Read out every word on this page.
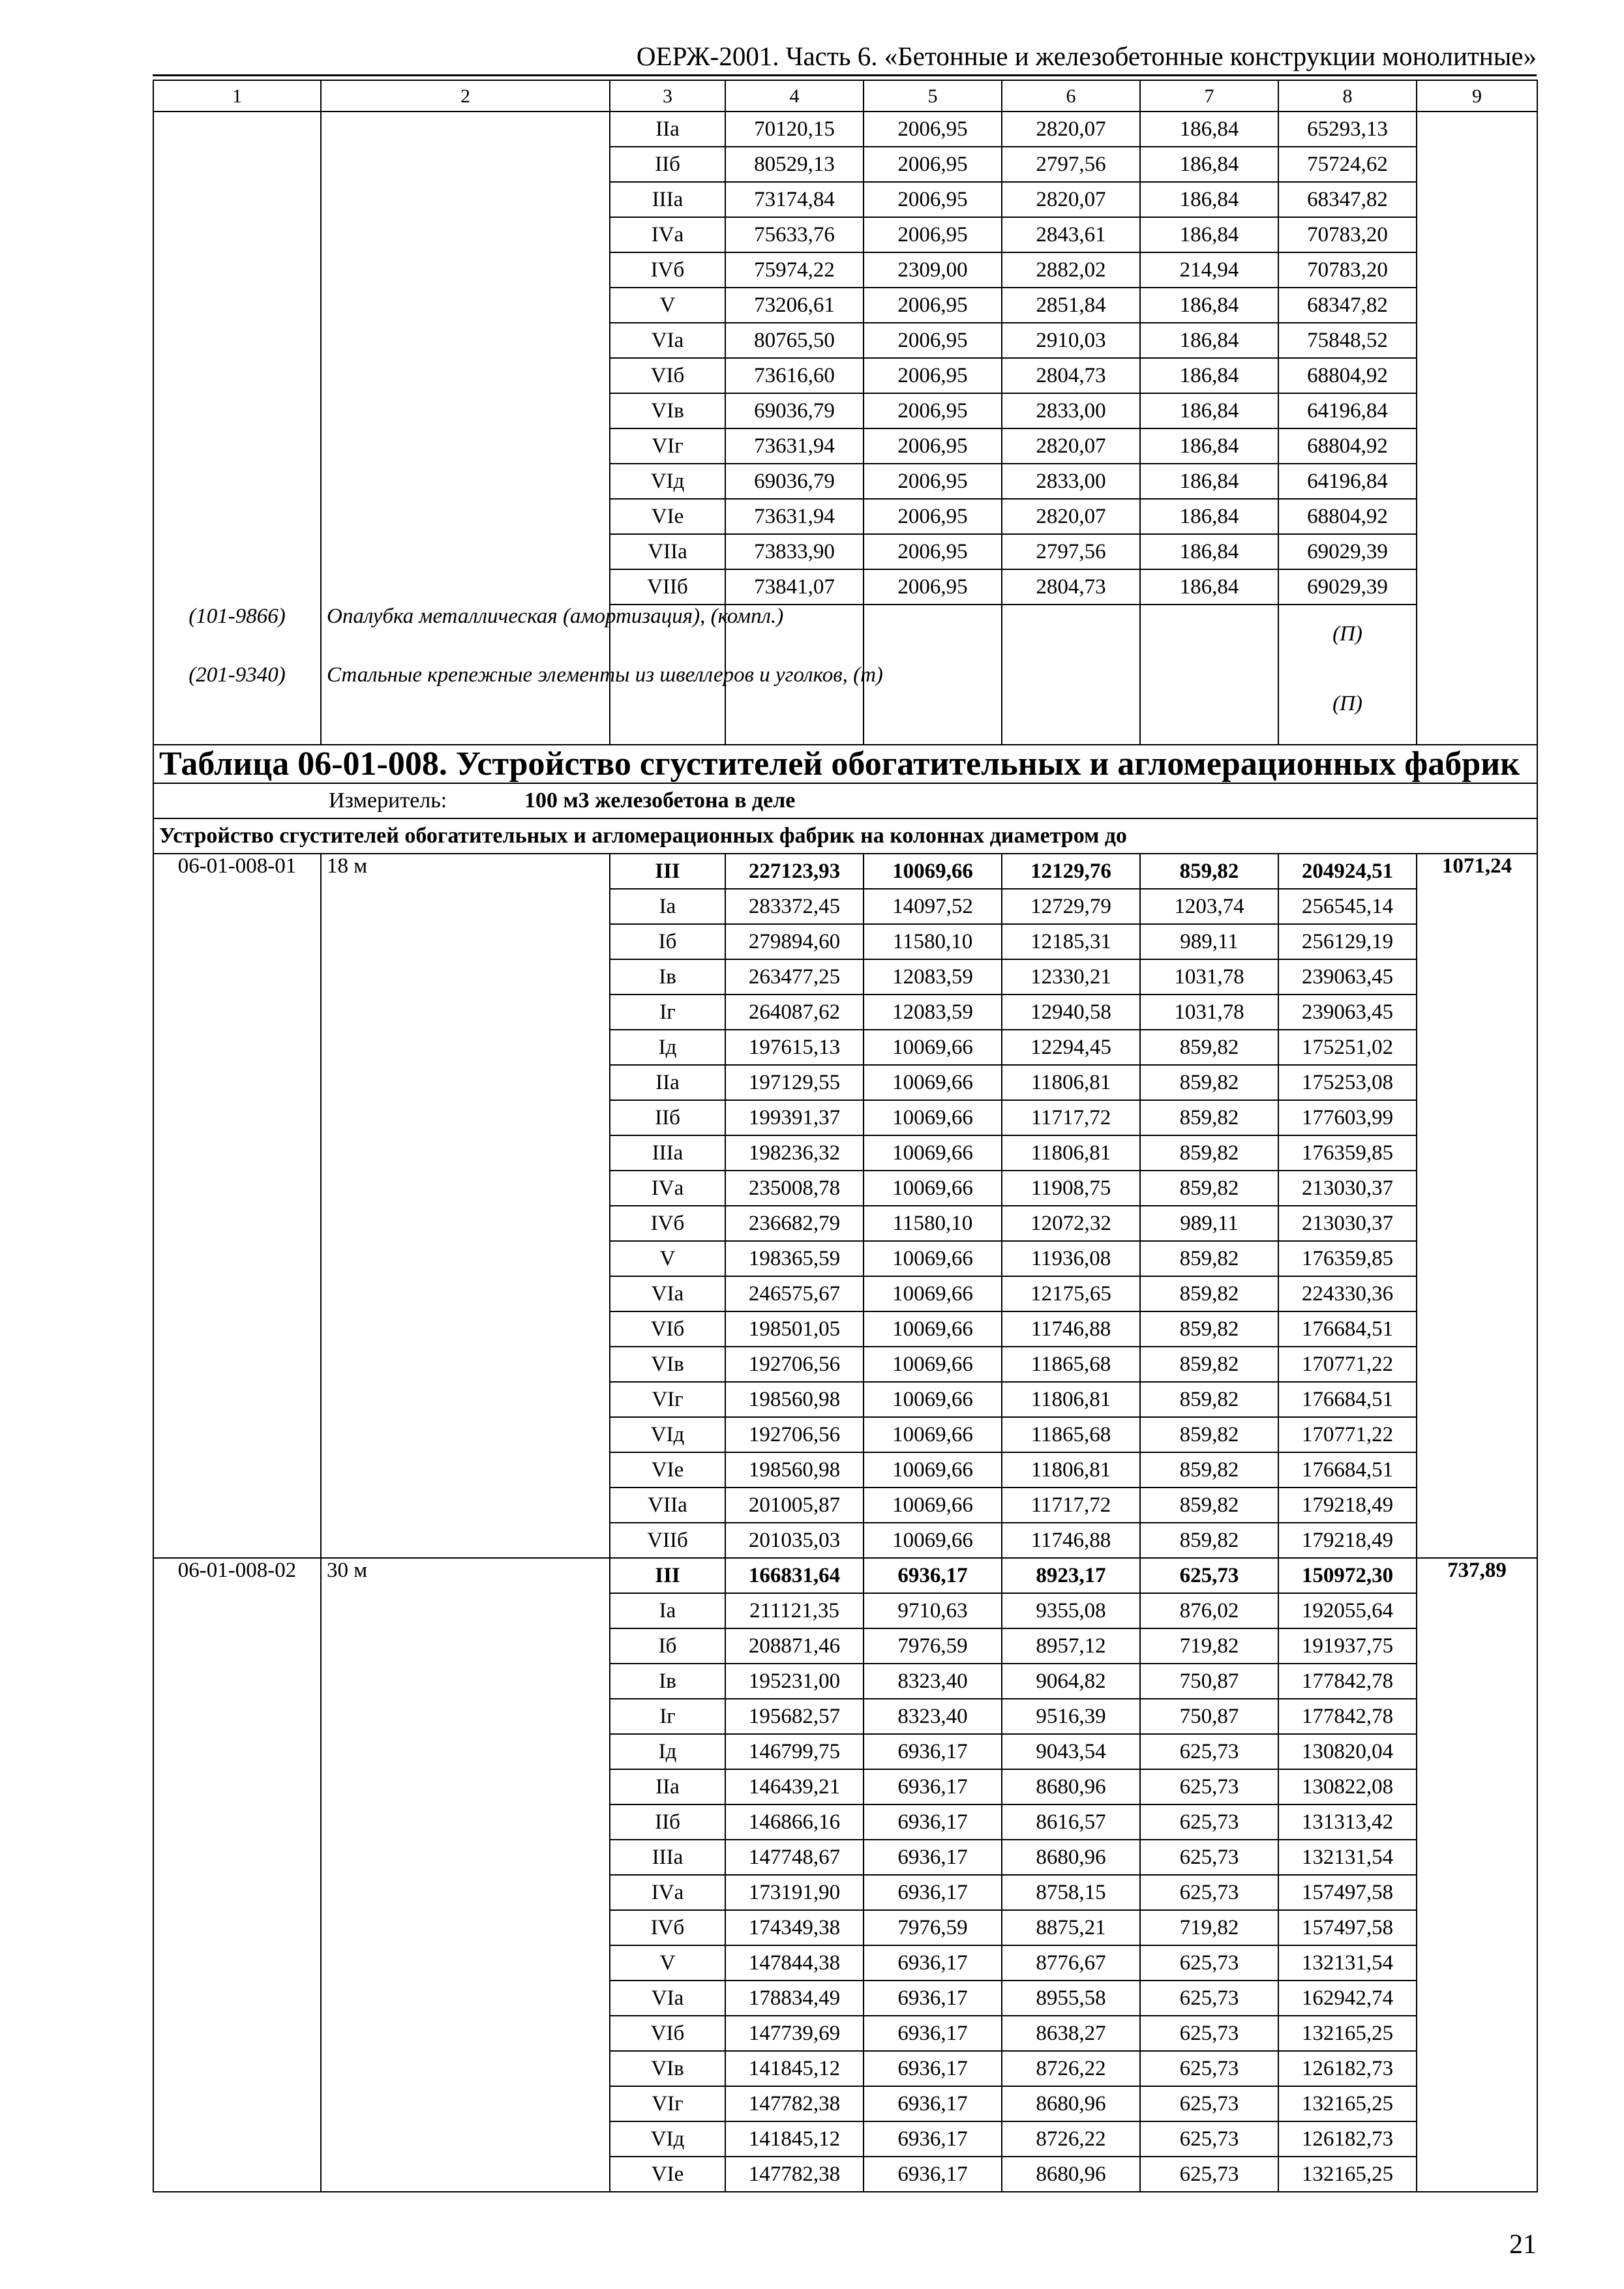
ОЕРЖ-2001. Часть 6. «Бетонные и железобетонные конструкции монолитные»
1	2	3	4	5	6	7	8	9
		IIа	70120,15	2006,95	2820,07	186,84	65293,13	
		IIб	80529,13	2006,95	2797,56	186,84	75724,62	
		IIIа	73174,84	2006,95	2820,07	186,84	68347,82	
		IVа	75633,76	2006,95	2843,61	186,84	70783,20	
		IVб	75974,22	2309,00	2882,02	214,94	70783,20	
		V	73206,61	2006,95	2851,84	186,84	68347,82	
		VIа	80765,50	2006,95	2910,03	186,84	75848,52	
		VIб	73616,60	2006,95	2804,73	186,84	68804,92	
		VIв	69036,79	2006,95	2833,00	186,84	64196,84	
		VIг	73631,94	2006,95	2820,07	186,84	68804,92	
		VIд	69036,79	2006,95	2833,00	186,84	64196,84	
		VIе	73631,94	2006,95	2820,07	186,84	68804,92	
		VIIа	73833,90	2006,95	2797,56	186,84	69029,39	
		VIIб	73841,07	2006,95	2804,73	186,84	69029,39	
(101-9866)	Опалубка металлическая (амортизация), (компл.)						(П)	
(201-9340)	Стальные крепежные элементы из швеллеров и уголков, (т)						(П)	
Таблица 06-01-008. Устройство сгустителей обогатительных и агломерационных фабрик								
Измеритель: 100 м3 железобетона в деле								
Устройство сгустителей обогатительных и агломерационных фабрик на колоннах диаметром до								
06-01-008-01	18 м	III	227123,93	10069,66	12129,76	859,82	204924,51	1071,24
		Iа	283372,45	14097,52	12729,79	1203,74	256545,14	
		Iб	279894,60	11580,10	12185,31	989,11	256129,19	
		Iв	263477,25	12083,59	12330,21	1031,78	239063,45	
		Iг	264087,62	12083,59	12940,58	1031,78	239063,45	
		Iд	197615,13	10069,66	12294,45	859,82	175251,02	
		IIа	197129,55	10069,66	11806,81	859,82	175253,08	
		IIб	199391,37	10069,66	11717,72	859,82	177603,99	
		IIIа	198236,32	10069,66	11806,81	859,82	176359,85	
		IVа	235008,78	10069,66	11908,75	859,82	213030,37	
		IVб	236682,79	11580,10	12072,32	989,11	213030,37	
		V	198365,59	10069,66	11936,08	859,82	176359,85	
		VIа	246575,67	10069,66	12175,65	859,82	224330,36	
		VIб	198501,05	10069,66	11746,88	859,82	176684,51	
		VIв	192706,56	10069,66	11865,68	859,82	170771,22	
		VIг	198560,98	10069,66	11806,81	859,82	176684,51	
		VIд	192706,56	10069,66	11865,68	859,82	170771,22	
		VIе	198560,98	10069,66	11806,81	859,82	176684,51	
		VIIа	201005,87	10069,66	11717,72	859,82	179218,49	
		VIIб	201035,03	10069,66	11746,88	859,82	179218,49	
06-01-008-02	30 м	III	166831,64	6936,17	8923,17	625,73	150972,30	737,89
		Iа	211121,35	9710,63	9355,08	876,02	192055,64	
		Iб	208871,46	7976,59	8957,12	719,82	191937,75	
		Iв	195231,00	8323,40	9064,82	750,87	177842,78	
		Iг	195682,57	8323,40	9516,39	750,87	177842,78	
		Iд	146799,75	6936,17	9043,54	625,73	130820,04	
		IIа	146439,21	6936,17	8680,96	625,73	130822,08	
		IIб	146866,16	6936,17	8616,57	625,73	131313,42	
		IIIа	147748,67	6936,17	8680,96	625,73	132131,54	
		IVа	173191,90	6936,17	8758,15	625,73	157497,58	
		IVб	174349,38	7976,59	8875,21	719,82	157497,58	
		V	147844,38	6936,17	8776,67	625,73	132131,54	
		VIа	178834,49	6936,17	8955,58	625,73	162942,74	
		VIб	147739,69	6936,17	8638,27	625,73	132165,25	
		VIв	141845,12	6936,17	8726,22	625,73	126182,73	
		VIг	147782,38	6936,17	8680,96	625,73	132165,25	
		VIд	141845,12	6936,17	8726,22	625,73	126182,73	
		VIе	147782,38	6936,17	8680,96	625,73	132165,25	
21
